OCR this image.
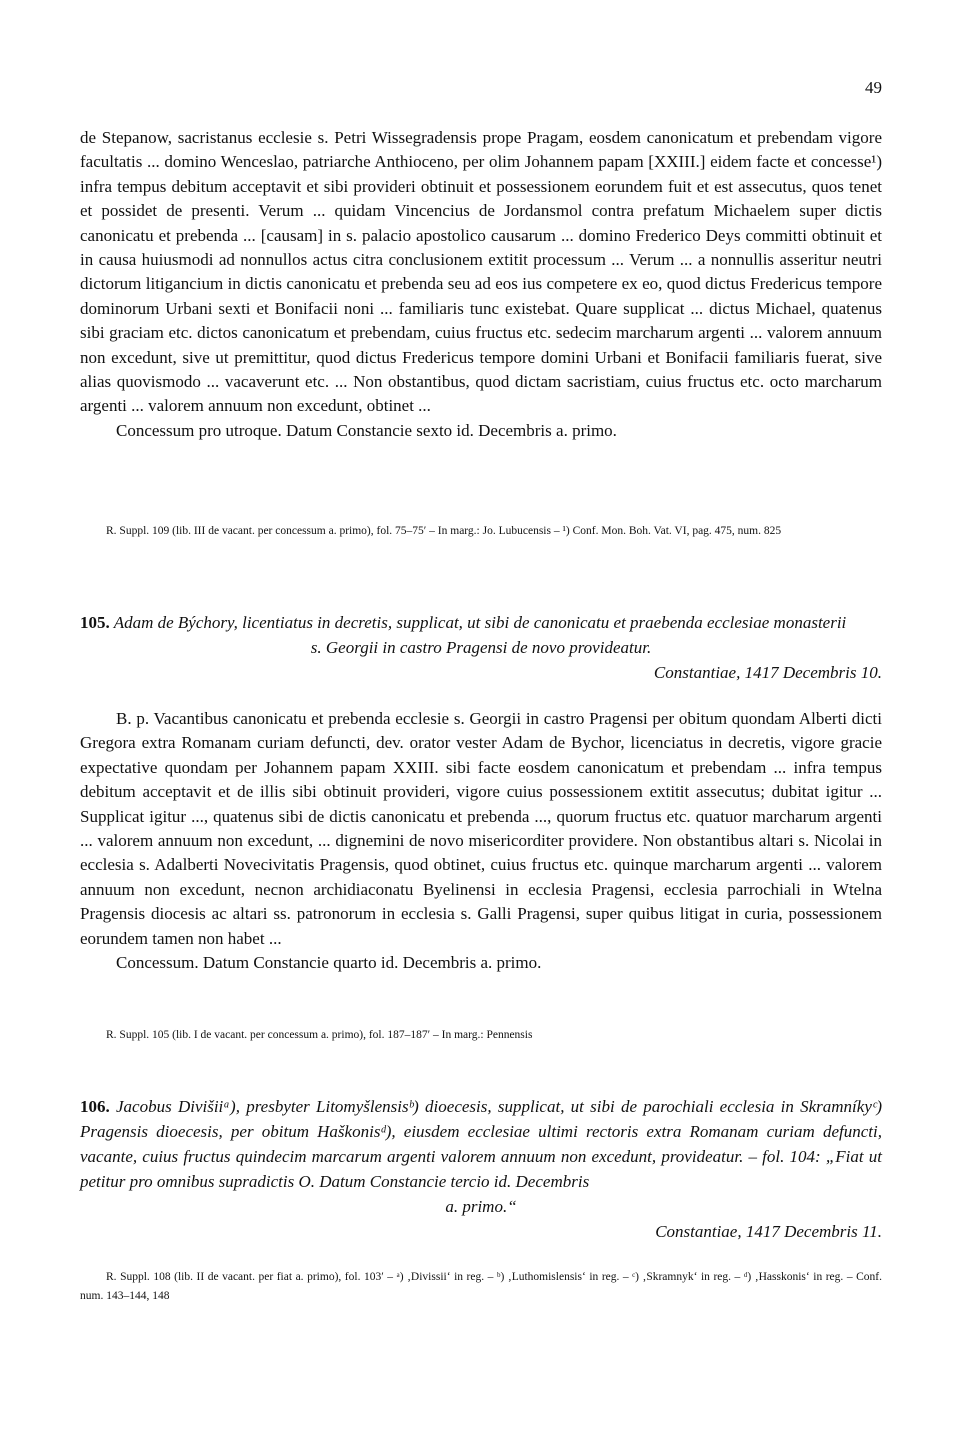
49

de Stepanow, sacristanus ecclesie s. Petri Wissegradensis prope Pragam, eosdem canonicatum et prebendam vigore facultatis ... domino Wenceslao, patriarche Anthioceno, per olim Johannem papam [XXIII.] eidem facte et concesse¹) infra tempus debitum acceptavit et sibi provideri obtinuit et possessionem eorundem fuit et est assecutus, quos tenet et possidet de presenti. Verum ... quidam Vincencius de Jordansmol contra prefatum Michaelem super dictis canonicatu et prebenda ... [causam] in s. palacio apostolico causarum ... domino Frederico Deys committi obtinuit et in causa huiusmodi ad nonnullos actus citra conclusionem extitit processum ... Verum ... a nonnullis asseritur neutri dictorum litigancium in dictis canonicatu et prebenda seu ad eos ius competere ex eo, quod dictus Fredericus tempore dominorum Urbani sexti et Bonifacii noni ... familiaris tunc existebat. Quare supplicat ... dictus Michael, quatenus sibi graciam etc. dictos canonicatum et prebendam, cuius fructus etc. sedecim marcharum argenti ... valorem annuum non excedunt, sive ut premittitur, quod dictus Fredericus tempore domini Urbani et Bonifacii familiaris fuerat, sive alias quovismodo ... vacaverunt etc. ... Non obstantibus, quod dictam sacristiam, cuius fructus etc. octo marcharum argenti ... valorem annuum non excedunt, obtinet ...

Concessum pro utroque. Datum Constancie sexto id. Decembris a. primo.

R. Suppl. 109 (lib. III de vacant. per concessum a. primo), fol. 75–75′ – In marg.: Jo. Lubucensis – ¹) Conf. Mon. Boh. Vat. VI, pag. 475, num. 825

105. Adam de Býchory, licentiatus in decretis, supplicat, ut sibi de canonicatu et praebenda ecclesiae monasterii

s. Georgii in castro Pragensi de novo provideatur.

Constantiae, 1417 Decembris 10.

B. p. Vacantibus canonicatu et prebenda ecclesie s. Georgii in castro Pragensi per obitum quondam Alberti dicti Gregora extra Romanam curiam defuncti, dev. orator vester Adam de Bychor, licenciatus in decretis, vigore gracie expectative quondam per Johannem papam XXIII. sibi facte eosdem canonicatum et prebendam ... infra tempus debitum acceptavit et de illis sibi obtinuit provideri, vigore cuius possessionem extitit assecutus; dubitat igitur ... Supplicat igitur ..., quatenus sibi de dictis canonicatu et prebenda ..., quorum fructus etc. quatuor marcharum argenti ... valorem annuum non excedunt, ... dignemini de novo misericorditer providere. Non obstantibus altari s. Nicolai in ecclesia s. Adalberti Novecivitatis Pragensis, quod obtinet, cuius fructus etc. quinque marcharum argenti ... valorem annuum non excedunt, necnon archidiaconatu Byelinensi in ecclesia Pragensi, ecclesia parrochiali in Wtelna Pragensis diocesis ac altari ss. patronorum in ecclesia s. Galli Pragensi, super quibus litigat in curia, possessionem eorundem tamen non habet ...

Concessum. Datum Constancie quarto id. Decembris a. primo.

R. Suppl. 105 (lib. I de vacant. per concessum a. primo), fol. 187–187′ – In marg.: Pennensis

106. Jacobus Divišiiᵃ), presbyter Litomyšlensisᵇ) dioecesis, supplicat, ut sibi de parochiali ecclesia in Skramníkyᶜ) Pragensis dioecesis, per obitum Haškonisᵈ), eiusdem ecclesiae ultimi rectoris extra Romanam curiam defuncti, vacante, cuius fructus quindecim marcarum argenti valorem annuum non excedunt, provideatur. – fol. 104: „Fiat ut petitur pro omnibus supradictis O. Datum Constancie tercio id. Decembris

a. primo.“

Constantiae, 1417 Decembris 11.

R. Suppl. 108 (lib. II de vacant. per fiat a. primo), fol. 103′ – ᵃ) ‚Divissii‘ in reg. – ᵇ) ‚Luthomislensis‘ in reg. – ᶜ) ‚Skramnyk‘ in reg. – ᵈ) ‚Hasskonis‘ in reg. – Conf. num. 143–144, 148
